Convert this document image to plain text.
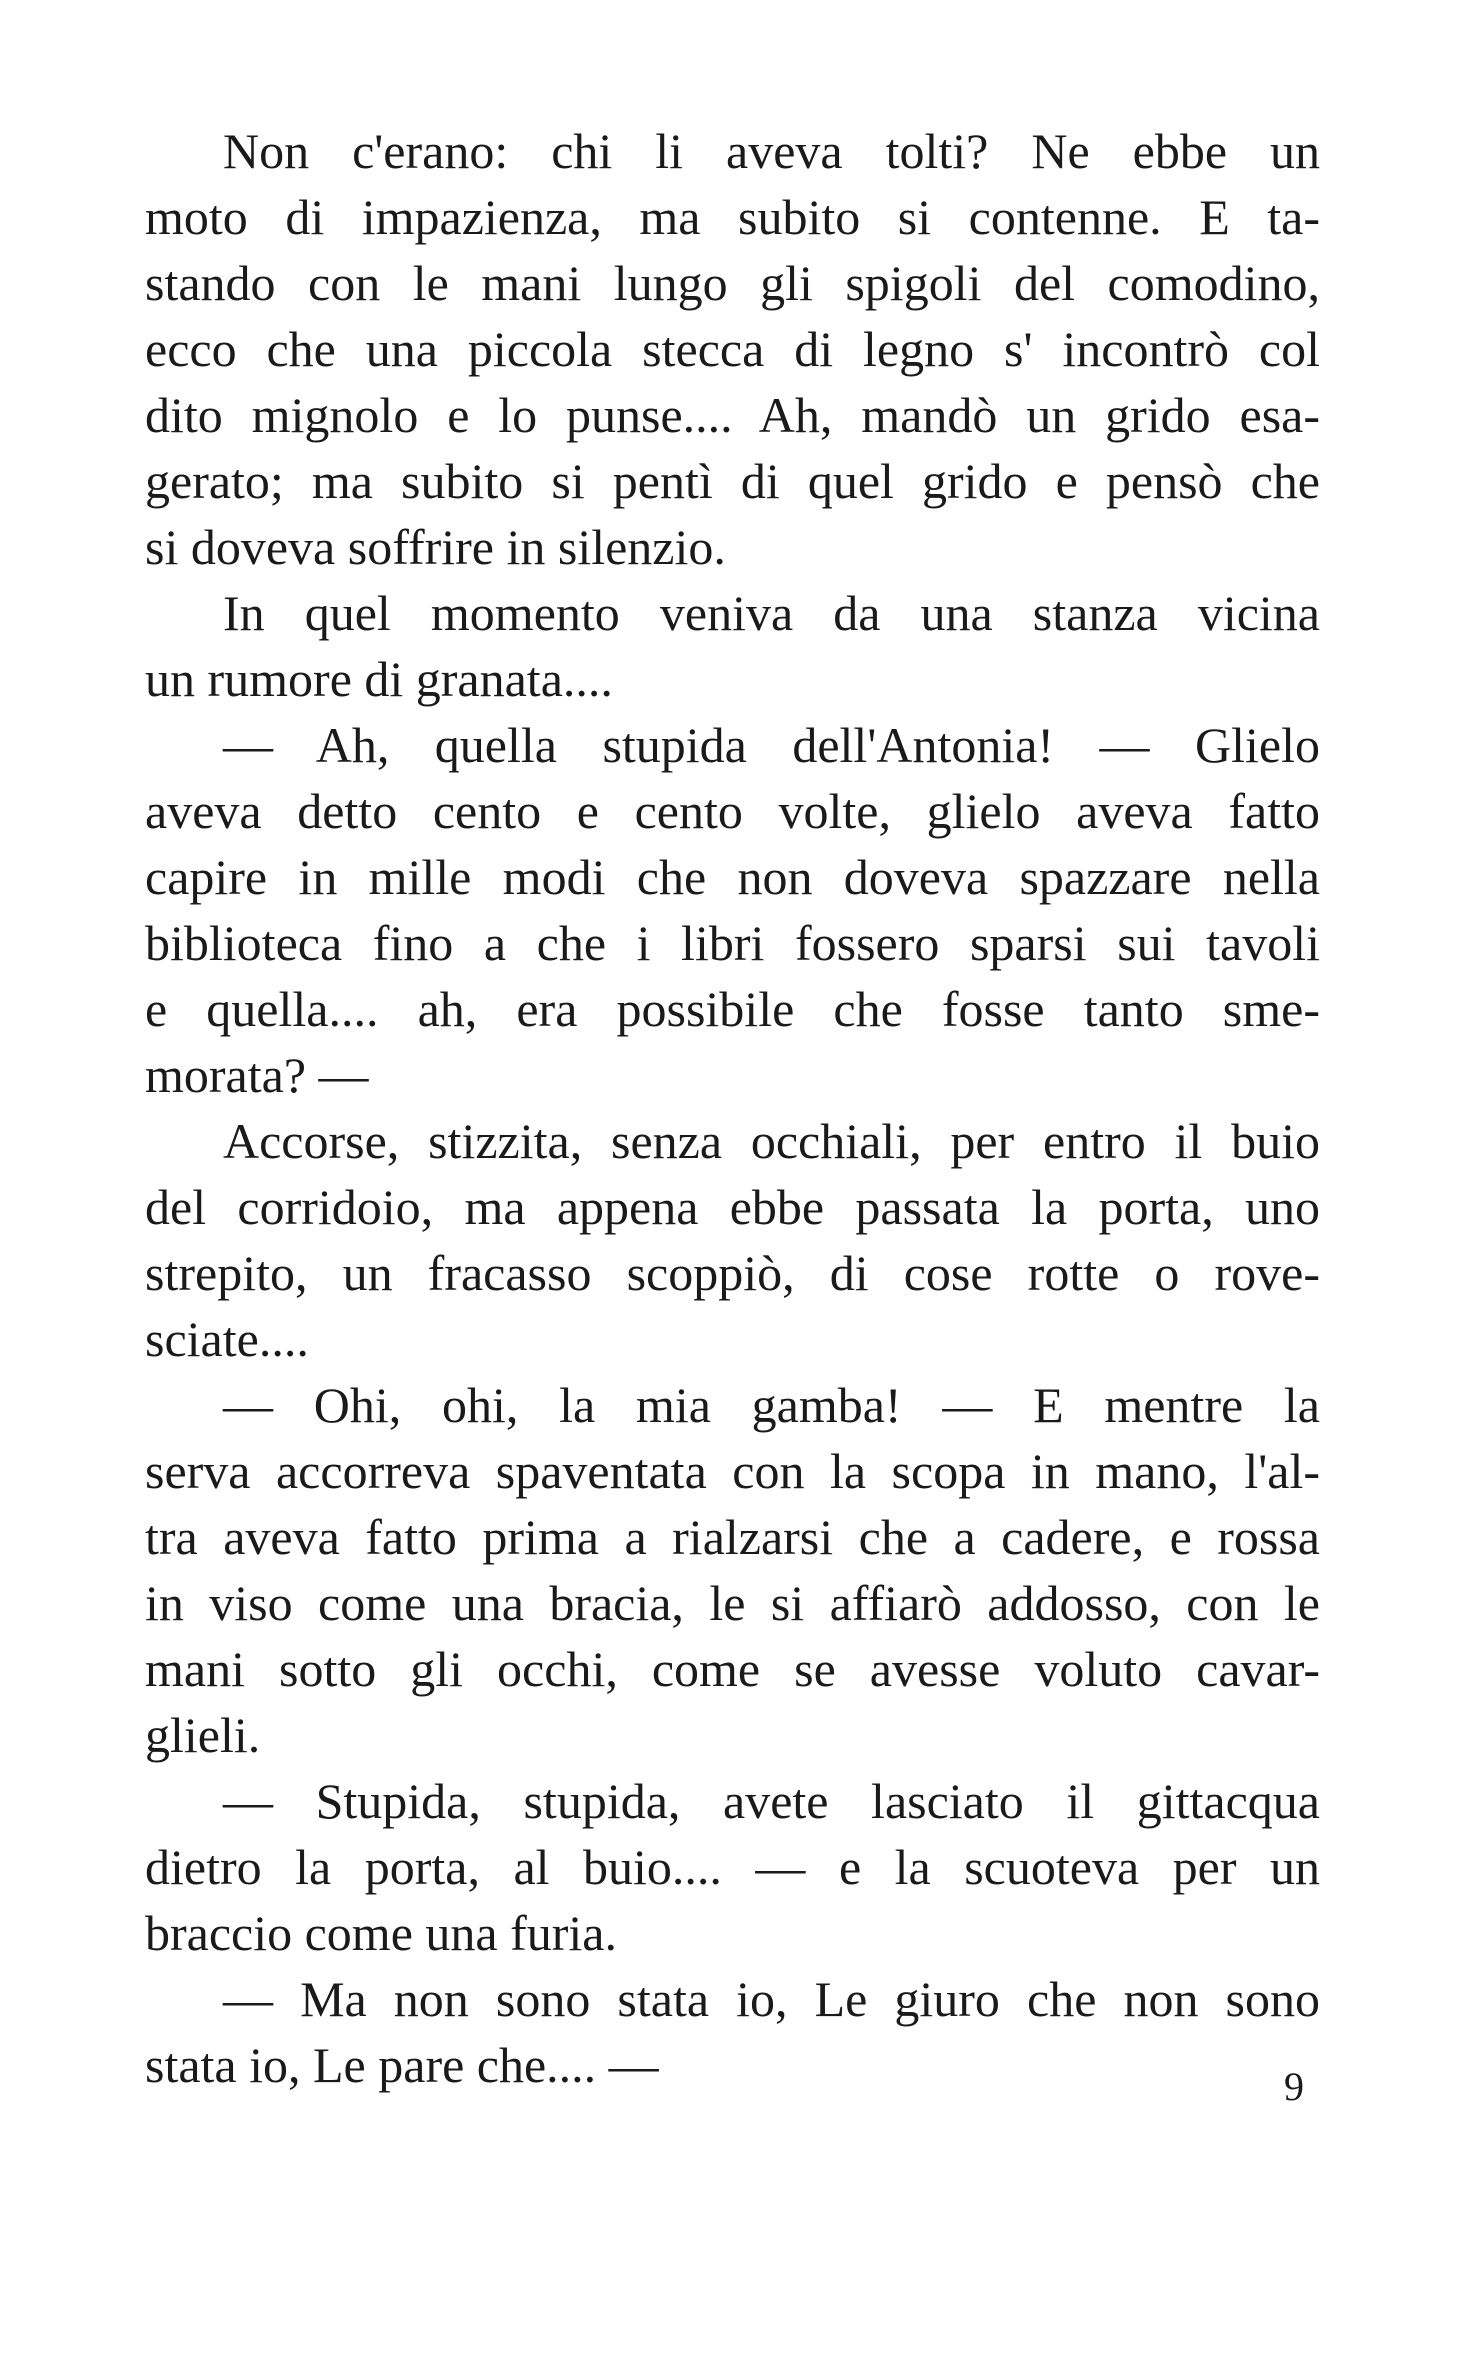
Non c'erano: chi li aveva tolti? Ne ebbe un
moto di impazienza, ma subito si contenne. E ta-
stando con le mani lungo gli spigoli del comodino,
ecco che una piccola stecca di legno s' incontrò col
dito mignolo e lo punse.... Ah, mandò un grido esa-
gerato; ma subito si pentì di quel grido e pensò che
si doveva soffrire in silenzio.
In quel momento veniva da una stanza vicina
un rumore di granata....
— Ah, quella stupida dell'Antonia! — Glielo
aveva detto cento e cento volte, glielo aveva fatto
capire in mille modi che non doveva spazzare nella
biblioteca fino a che i libri fossero sparsi sui tavoli
e quella.... ah, era possibile che fosse tanto sme-
morata? —
Accorse, stizzita, senza occhiali, per entro il buio
del corridoio, ma appena ebbe passata la porta, uno
strepito, un fracasso scoppiò, di cose rotte o rove-
sciate....
— Ohi, ohi, la mia gamba! — E mentre la
serva accorreva spaventata con la scopa in mano, l'al-
tra aveva fatto prima a rialzarsi che a cadere, e rossa
in viso come una bracia, le si affiarò addosso, con le
mani sotto gli occhi, come se avesse voluto cavar-
glieli.
— Stupida, stupida, avete lasciato il gittacqua
dietro la porta, al buio.... — e la scuoteva per un
braccio come una furia.
— Ma non sono stata io, Le giuro che non sono
stata io, Le pare che.... —	9
